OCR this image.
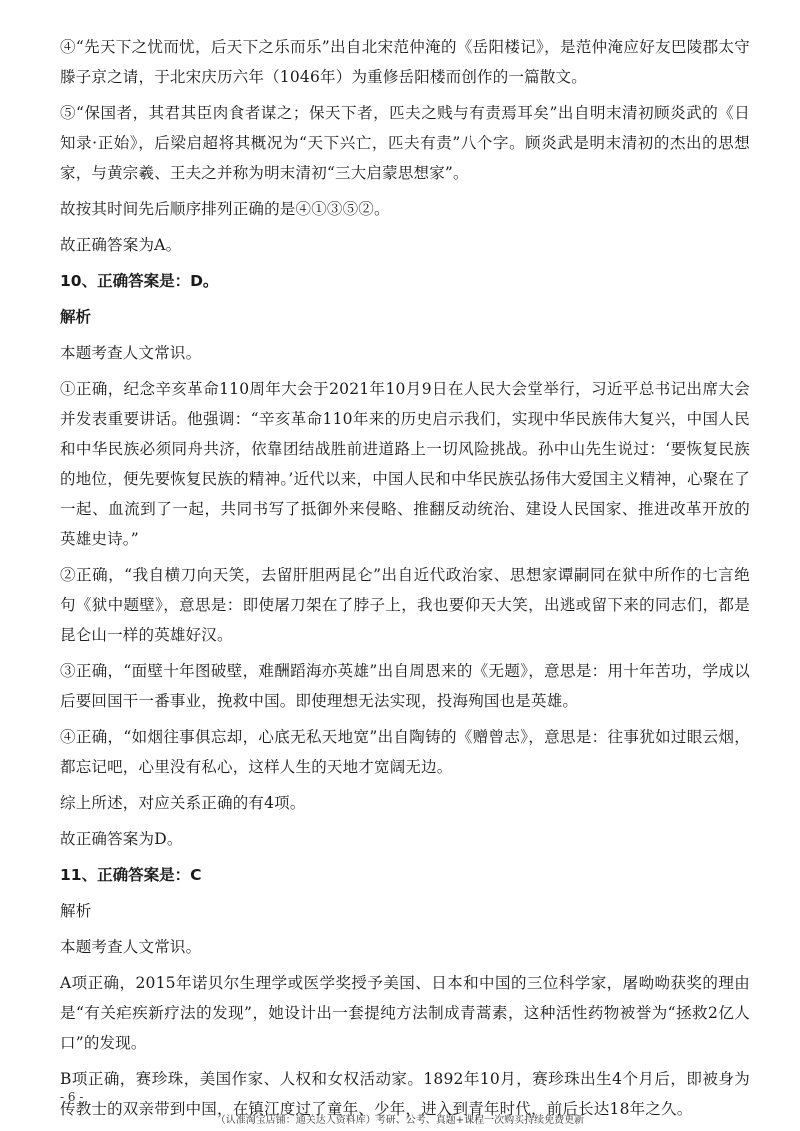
④“先天下之忧而忧，后天下之乐而乐”出自北宋范仲淹的《岳阳楼记》，是范仲淹应好友巴陵郡太守滕子京之请，于北宋庆历六年（1046年）为重修岳阳楼而创作的一篇散文。

⑤“保国者，其君其臣肉食者谋之；保天下者，匹夫之贱与有责焉耳矣”出自明末清初顾炎武的《日知录·正始》，后梁启超将其概况为“天下兴亡，匹夫有责”八个字。顾炎武是明末清初的杰出的思想家，与黄宗羲、王夫之并称为明末清初“三大启蒙思想家”。

故按其时间先后顺序排列正确的是④①③⑤②。

故正确答案为A。

10、正确答案是：D。

解析

本题考查人文常识。

①正确，纪念辛亥革命110周年大会于2021年10月9日在人民大会堂举行，习近平总书记出席大会并发表重要讲话。他强调：“辛亥革命110年来的历史启示我们，实现中华民族伟大复兴，中国人民和中华民族必须同舟共济，依靠团结战胜前进道路上一切风险挑战。孙中山先生说过：‘要恢复民族的地位，便先要恢复民族的精神。’近代以来，中国人民和中华民族弘扬伟大爱国主义精神，心聚在了一起、血流到了一起，共同书写了抵御外来侵略、推翻反动统治、建设人民国家、推进改革开放的英雄史诗。”

②正确，“我自横刀向天笑，去留肝胆两昆仑”出自近代政治家、思想家谭嗣同在狱中所作的七言绝句《狱中题壁》，意思是：即使屠刀架在了脖子上，我也要仰天大笑，出逃或留下来的同志们，都是昆仑山一样的英雄好汉。

③正确，“面壁十年图破壁，难酬蹈海亦英雄”出自周恩来的《无题》，意思是：用十年苦功，学成以后要回国干一番事业，挽救中国。即使理想无法实现，投海殉国也是英雄。

④正确，“如烟往事俱忘却，心底无私天地宽”出自陶铸的《赠曾志》，意思是：往事犹如过眼云烟，都忘记吧，心里没有私心，这样人生的天地才宽阔无边。

综上所述，对应关系正确的有4项。

故正确答案为D。

11、正确答案是：C

解析

本题考查人文常识。

A项正确，2015年诺贝尔生理学或医学奖授予美国、日本和中国的三位科学家，屠呦呦获奖的理由是“有关疟疾新疗法的发现”，她设计出一套提纯方法制成青蒿素，这种活性药物被誉为“拯救2亿人口”的发现。

B项正确，赛珍珠，美国作家、人权和女权活动家。1892年10月，赛珍珠出生4个月后，即被身为传教士的双亲带到中国，在镇江度过了童年、少年，进入到青年时代，前后长达18年之久。

- 6 -
（认准淘宝店铺：通关达人资料库）考研、公考、真题+课程一次购买持续免费更新
